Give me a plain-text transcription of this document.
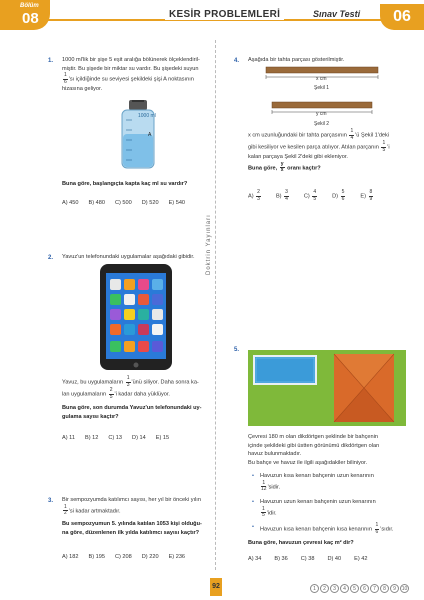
Bölüm
08	KESİR PROBLEMLERİ	Sınav Testi	06
Doktrin Yayınları
1. 1000 ml'lik bir şişe 5 eşit aralığa bölünerek ölçeklendiril-
miştir. Bu şişede bir miktar su vardır. Bu şişedeki suyun
$\frac{1}{6}$ 'sı içildiğinde su seviyesi şekildeki şişi A noktasının
hizasına geliyor.
1000 ml
A
Buna göre, başlangıçta kapta kaç ml su vardır?
A) 450 B) 480 C) 500 D) 520 E) 540
2. Yavuz'un telefonundaki uygulamalar aşağıdaki gibidir.
Yavuz, bu uygulamaların $\frac{1}{3}$ 'ünü siliyor. Daha sonra ka-
lan uygulamaların $\frac{2}{5}$ 'i kadar daha yüklüyor.
Buna göre, son durumda Yavuz'un telefonundaki uy-
gulama sayısı kaçtır?
A) 11 B) 12 C) 13 D) 14 E) 15
3. Bir sempozyumda katılımcı sayısı, her yıl bir önceki yılın
$\frac{1}{2}$ 'si kadar artmaktadır.
Bu sempozyumun 5. yılında katılan 1053 kişi olduğu-
na göre, düzenlenen ilk yılda katılımcı sayısı kaçtır?
A) 182 B) 195 C) 208 D) 220 E) 236
4. Aşağıda bir tahta parçası gösterilmiştir.
x cm
Şekil 1
y cm
Şekil 2
x cm uzunluğundaki bir tahta parçasının $\frac{1}{4}$ 'ü Şekil 1'deki
gibi kesiliyor ve kesilen parça atılıyor. Atılan parçanın $\frac{1}{5}$ 'i
kalan parçaya Şekil 2'deki gibi ekleniyor.
Buna göre, $\frac{y}{x}$ oranı kaçtır?
$A) \frac{2}{3}$	$B) \frac{3}{4}$	$C) \frac{4}{5}$	$D) \frac{5}{6}$	$E) \frac{8}{9}$
5.
Çevresi 180 m olan dikdörtgen şeklinde bir bahçenin
içinde şekildeki gibi üstten görünümü dikdörtgen olan
havuz bulunmaktadır.
Bu bahçe ve havuz ile ilgili aşağıdakiler biliniyor.
• Havuzun kısa kenarı bahçenin uzun kenarının
$\frac{1}{12}$ 'sidir.
• Havuzun uzun kenarı bahçenin uzun kenarının
$\frac{1}{5}$ 'idir.
• Havuzun kısa kenarı bahçenin kısa kenarının $\frac{1}{6}$ 'sıdır.
Buna göre, havuzun çevresi kaç m² dir?
A) 34 B) 36 C) 38 D) 40 E) 42
92	1	2	3	4	5	6	7	8	9	10
